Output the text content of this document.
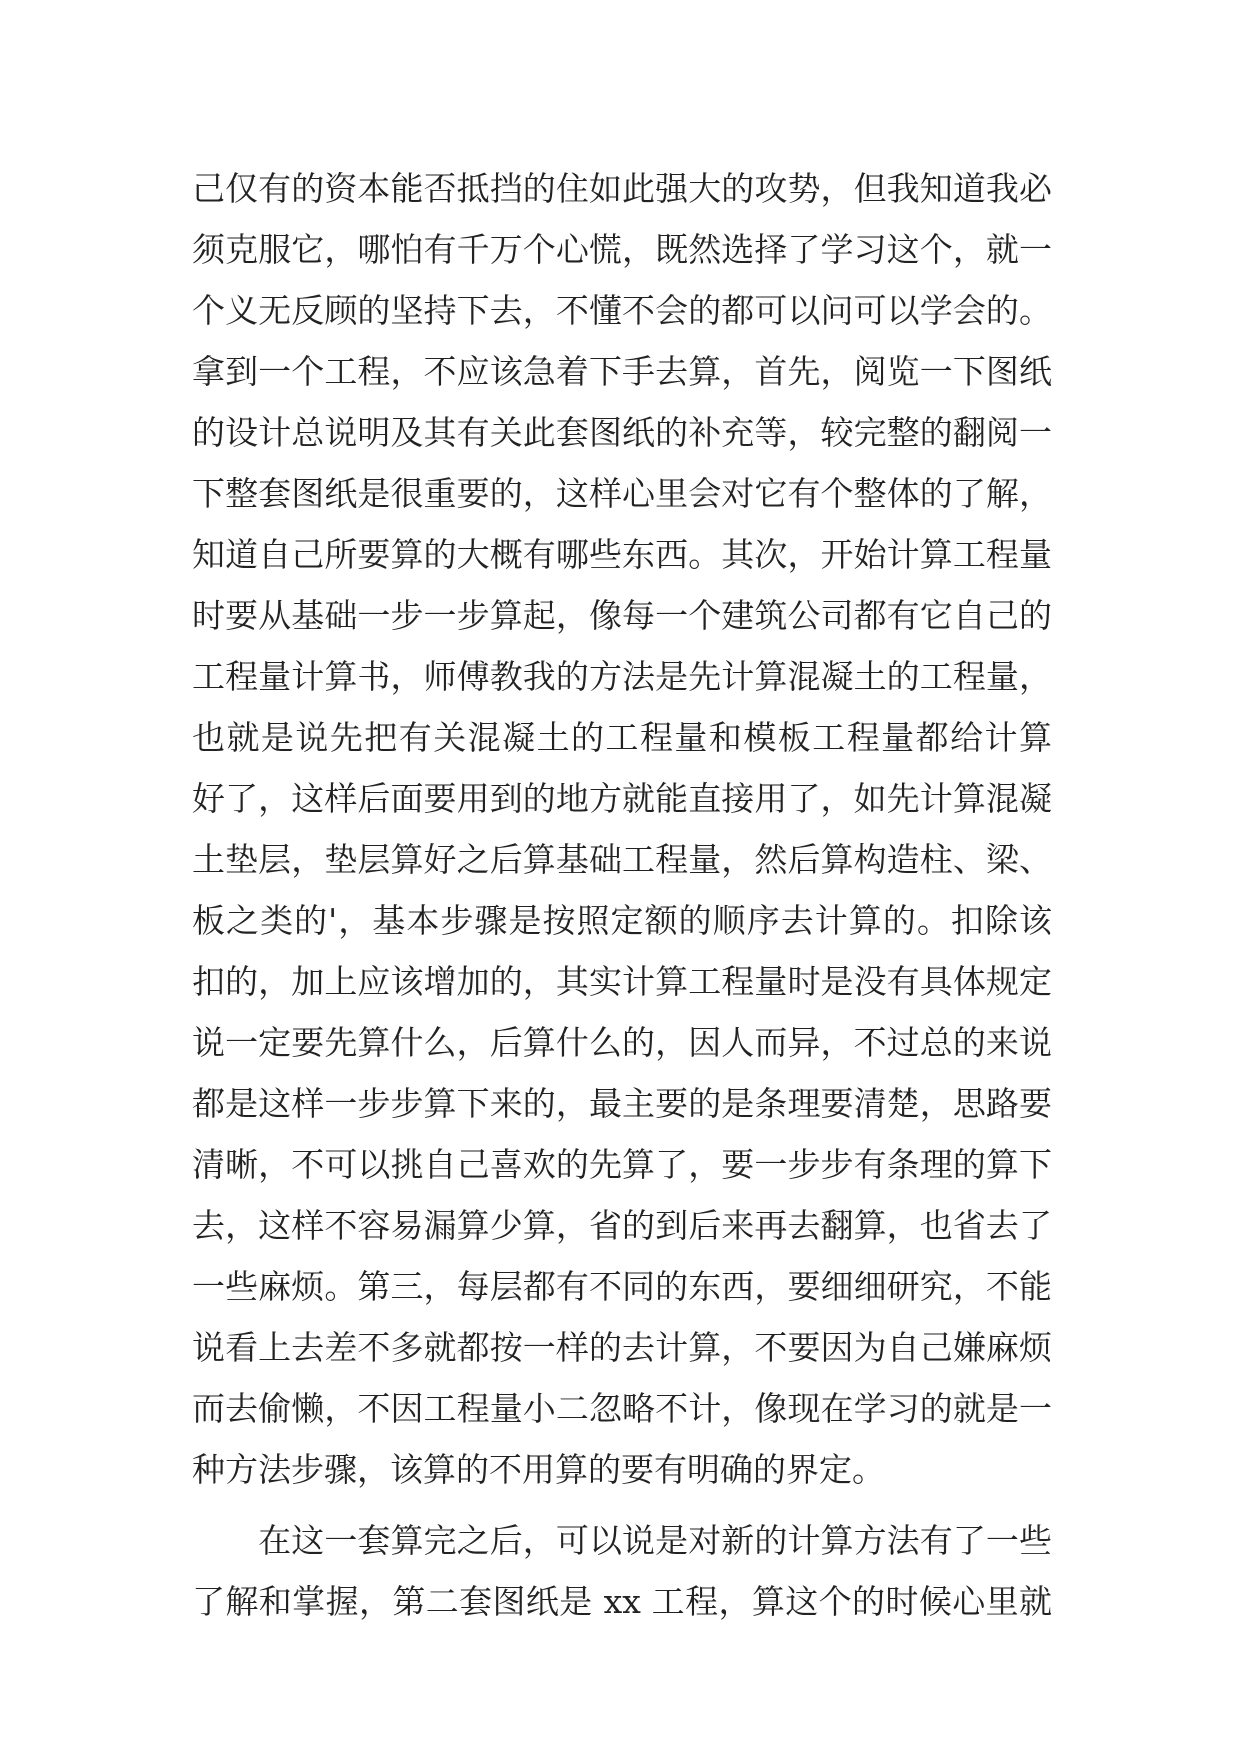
己仅有的资本能否抵挡的住如此强大的攻势，但我知道我必
须克服它，哪怕有千万个心慌，既然选择了学习这个，就一
个义无反顾的坚持下去，不懂不会的都可以问可以学会的。
拿到一个工程，不应该急着下手去算，首先，阅览一下图纸
的设计总说明及其有关此套图纸的补充等，较完整的翻阅一
下整套图纸是很重要的，这样心里会对它有个整体的了解，
知道自己所要算的大概有哪些东西。其次，开始计算工程量
时要从基础一步一步算起，像每一个建筑公司都有它自己的
工程量计算书，师傅教我的方法是先计算混凝土的工程量，
也就是说先把有关混凝土的工程量和模板工程量都给计算
好了，这样后面要用到的地方就能直接用了，如先计算混凝
土垫层，垫层算好之后算基础工程量，然后算构造柱、梁、
板之类的'，基本步骤是按照定额的顺序去计算的。扣除该
扣的，加上应该增加的，其实计算工程量时是没有具体规定
说一定要先算什么，后算什么的，因人而异，不过总的来说
都是这样一步步算下来的，最主要的是条理要清楚，思路要
清晰，不可以挑自己喜欢的先算了，要一步步有条理的算下
去，这样不容易漏算少算，省的到后来再去翻算，也省去了
一些麻烦。第三，每层都有不同的东西，要细细研究，不能
说看上去差不多就都按一样的去计算，不要因为自己嫌麻烦
而去偷懒，不因工程量小二忽略不计，像现在学习的就是一
种方法步骤，该算的不用算的要有明确的界定。
　　在这一套算完之后，可以说是对新的计算方法有了一些
了解和掌握，第二套图纸是 xx 工程，算这个的时候心里就
